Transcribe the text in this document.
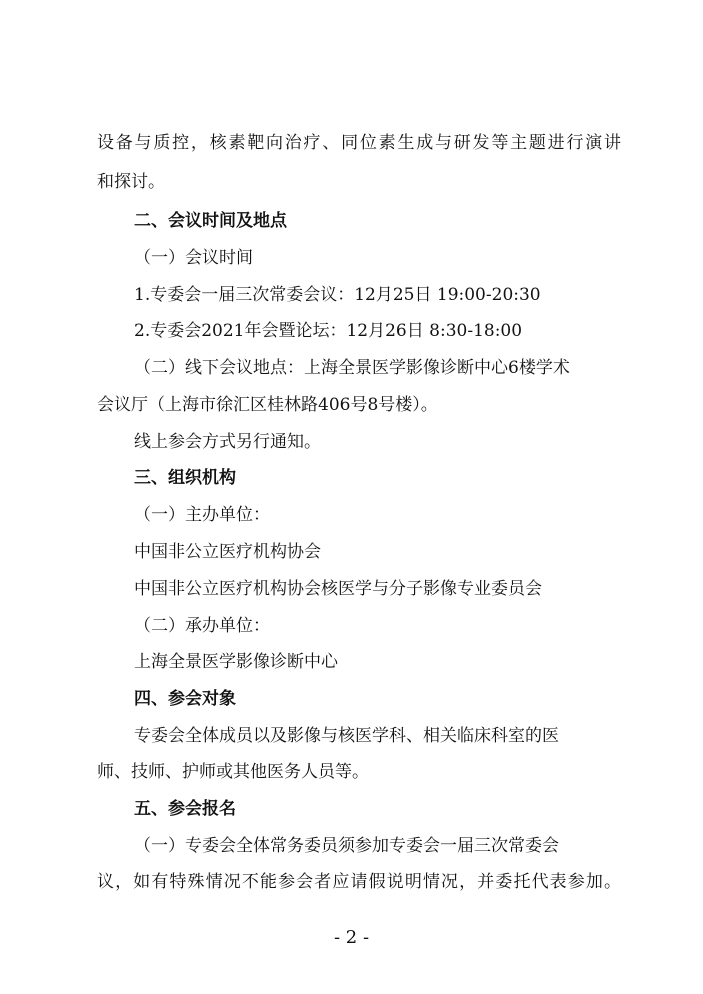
设备与质控，核素靶向治疗、同位素生成与研发等主题进行演讲
和探讨。
二、会议时间及地点
（一）会议时间
1.专委会一届三次常委会议：12月25日 19:00-20:30
2.专委会2021年会暨论坛：12月26日 8:30-18:00
（二）线下会议地点：上海全景医学影像诊断中心6楼学术
会议厅（上海市徐汇区桂林路406号8号楼）。
线上参会方式另行通知。
三、组织机构
（一）主办单位：
中国非公立医疗机构协会
中国非公立医疗机构协会核医学与分子影像专业委员会
（二）承办单位：
上海全景医学影像诊断中心
四、参会对象
专委会全体成员以及影像与核医学科、相关临床科室的医
师、技师、护师或其他医务人员等。
五、参会报名
（一）专委会全体常务委员须参加专委会一届三次常委会
议，如有特殊情况不能参会者应请假说明情况，并委托代表参加。
- 2 -
